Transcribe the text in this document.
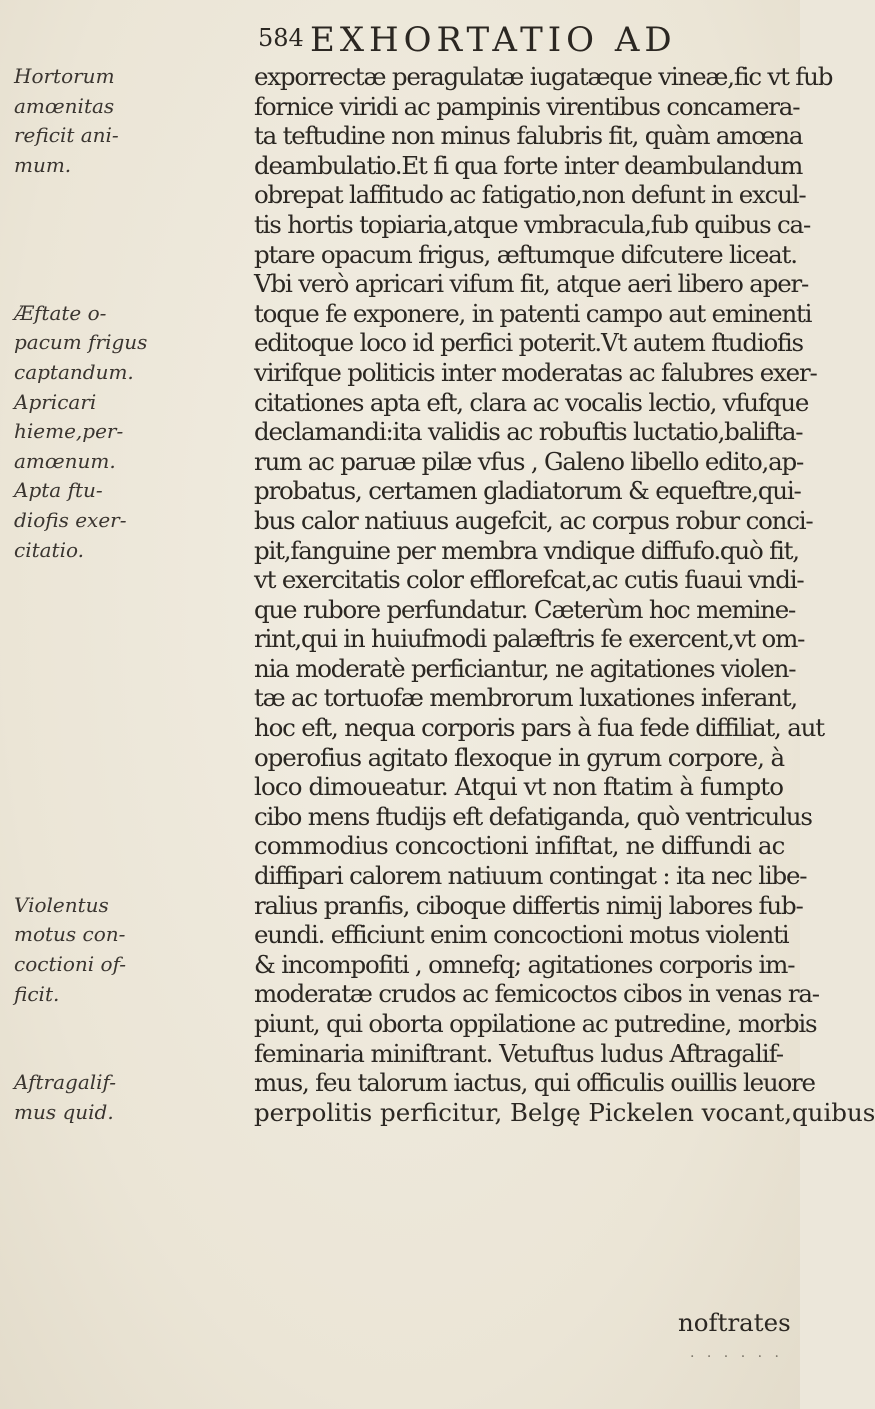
584 EXHORTATIO AD
exporrectæ peragulatæ iugatæque vineæ,fic vt fub
fornice viridi ac pampinis virentibus concamera-
ta teftudine non minus falubris fit, quàm amœna
deambulatio.Et fi qua forte inter deambulandum
obrepat laffitudo ac fatigatio,non defunt in excul-
tis hortis topiaria,atque vmbracula,fub quibus ca-
ptare opacum frigus, æftumque difcutere liceat.
Vbi verò apricari vifum fit, atque aeri libero aper-
toque fe exponere, in patenti campo aut eminenti
editoque loco id perfici poterit.Vt autem ftudiofis
virifque politicis inter moderatas ac falubres exer-
citationes apta eft, clara ac vocalis lectio, vfufque
declamandi:ita validis ac robuftis luctatio,balifta-
rum ac paruæ pilæ vfus , Galeno libello edito,ap-
probatus, certamen gladiatorum & equeftre,qui-
bus calor natiuus augefcit, ac corpus robur conci-
pit,fanguine per membra vndique diffufo.quò fit,
vt exercitatis color efflorefcat,ac cutis fuaui vndi-
que rubore perfundatur. Cæterùm hoc memine-
rint,qui in huiufmodi palæftris fe exercent,vt om-
nia moderatè perficiantur, ne agitationes violen-
tæ ac tortuofæ membrorum luxationes inferant,
hoc eft, nequa corporis pars à fua fede diffiliat, aut
operofius agitato flexoque in gyrum corpore, à
loco dimoueatur. Atqui vt non ftatim à fumpto
cibo mens ftudijs eft defatiganda, quò ventriculus
commodius concoctioni infiftat, ne diffundi ac
diffipari calorem natiuum contingat : ita nec libe-
ralius pranfis, ciboque differtis nimij labores fub-
eundi. efficiunt enim concoctioni motus violenti
& incompofiti , omnefq; agitationes corporis im-
moderatæ crudos ac femicoctos cibos in venas ra-
piunt, qui oborta oppilatione ac putredine, morbis
feminaria miniftrant. Vetuftus ludus Aftragalif-
mus, feu talorum iactus, qui officulis ouillis leuore
perpolitis perficitur, Belgę Pickelen vocant,quibus
Hortorum
amœnitas
reficit ani-
mum.
Æftate o-
pacum frigus
captandum.
Apricari
hieme,per-
amœnum.
Apta ftu-
diofis exer-
citatio.
Violentus
motus con-
coctioni of-
ficit.
Aftragalif-
mus quid.
noftrates
. . . . . .
